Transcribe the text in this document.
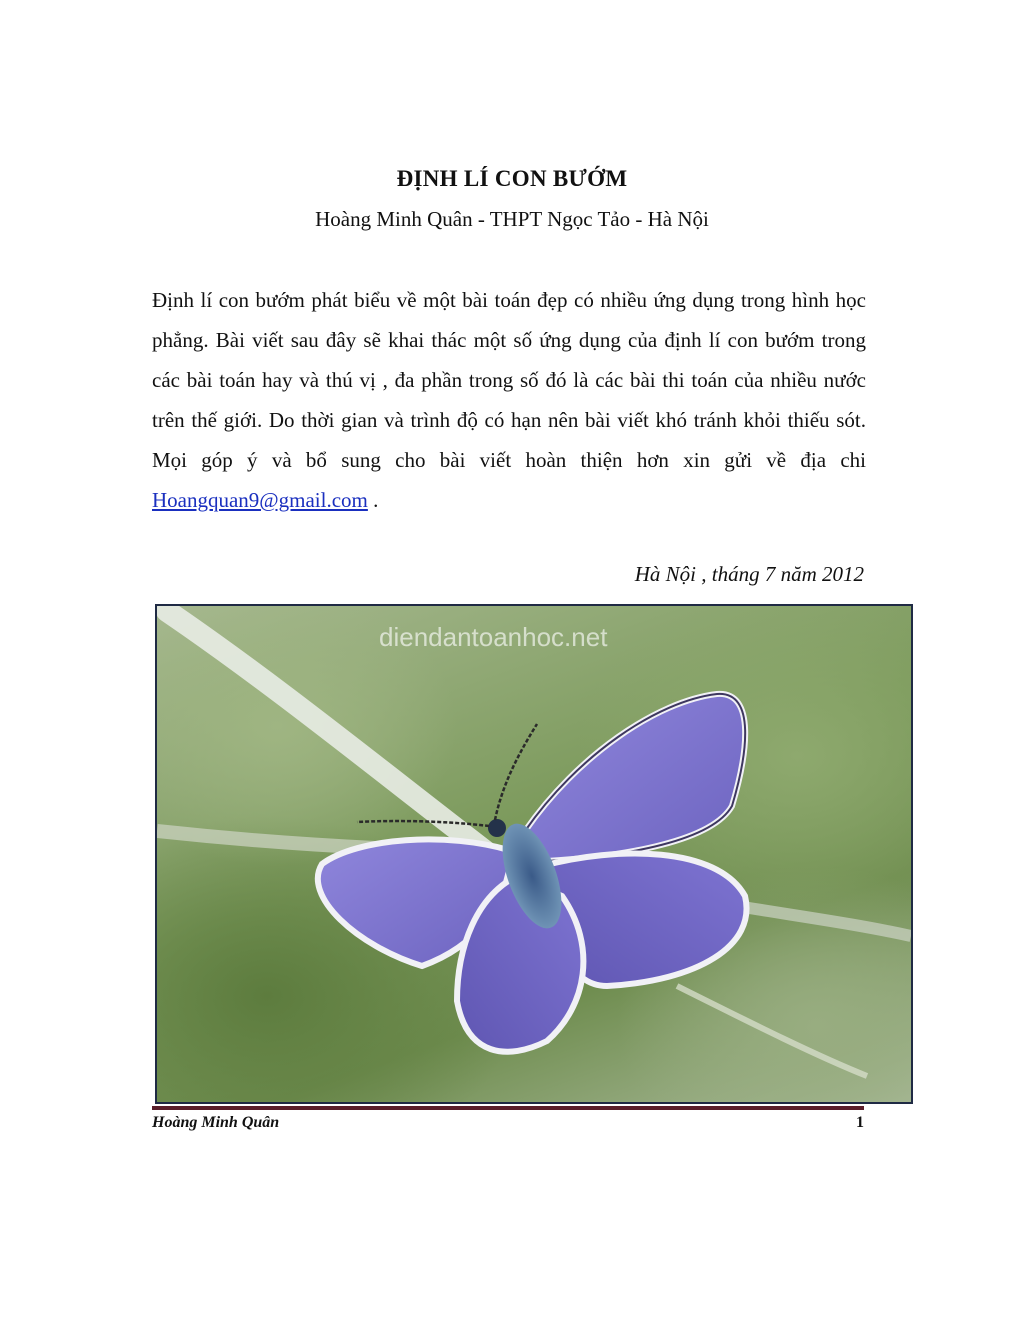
ĐỊNH LÍ CON BƯỚM
Hoàng Minh Quân - THPT Ngọc Tảo - Hà Nội

Định lí con bướm phát biểu về một bài toán đẹp có nhiều ứng dụng trong hình học phẳng. Bài viết sau đây sẽ khai thác một số ứng dụng của định lí con bướm trong các bài toán hay và thú vị , đa phần trong số đó là các bài thi toán của nhiều nước trên thế giới. Do thời gian và trình độ có hạn nên bài viết khó tránh khỏi thiếu sót. Mọi góp ý và bổ sung cho bài viết hoàn thiện hơn xin gửi về địa chi Hoangquan9@gmail.com .

Hà Nội , tháng 7 năm 2012
diendantoanhoc.net
Hoàng Minh Quân	1
